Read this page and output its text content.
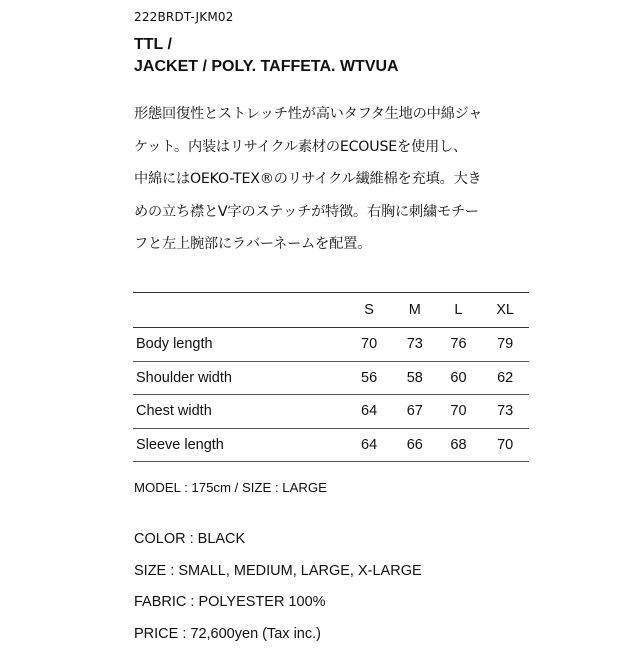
222BRDT-JKM02
TTL /
JACKET / POLY. TAFFETA. WTVUA
形態回復性とストレッチ性が高いタフタ生地の中綿ジャ
ケット。内装はリサイクル素材のECOUSEを使用し、
中綿にはOEKO-TEX®のリサイクル繊維棉を充填。大き
めの立ち襟とV字のステッチが特徴。右胸に刺繍モチー
フと左上腕部にラバーネームを配置。
	S	M	L	XL
Body length	70	73	76	79
Shoulder width	56	58	60	62
Chest width	64	67	70	73
Sleeve length	64	66	68	70
MODEL : 175cm / SIZE : LARGE
COLOR : BLACK
SIZE : SMALL, MEDIUM, LARGE, X-LARGE
FABRIC : POLYESTER 100%
PRICE : 72,600yen (Tax inc.)
